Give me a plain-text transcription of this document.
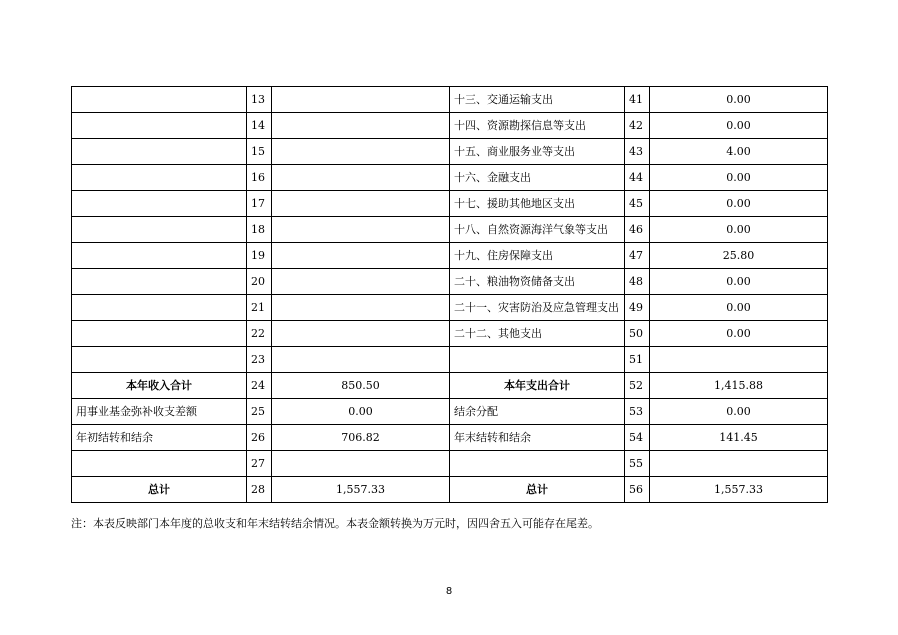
	13		十三、交通运输支出	41	0.00
	14		十四、资源勘探信息等支出	42	0.00
	15		十五、商业服务业等支出	43	4.00
	16		十六、金融支出	44	0.00
	17		十七、援助其他地区支出	45	0.00
	18		十八、自然资源海洋气象等支出	46	0.00
	19		十九、住房保障支出	47	25.80
	20		二十、粮油物资储备支出	48	0.00
	21		二十一、灾害防治及应急管理支出	49	0.00
	22		二十二、其他支出	50	0.00
	23			51	
本年收入合计	24	850.50	本年支出合计	52	1,415.88
用事业基金弥补收支差额	25	0.00	结余分配	53	0.00
年初结转和结余	26	706.82	年末结转和结余	54	141.45
	27			55	
总计	28	1,557.33	总计	56	1,557.33
注：本表反映部门本年度的总收支和年末结转结余情况。本表金额转换为万元时，因四舍五入可能存在尾差。
8
